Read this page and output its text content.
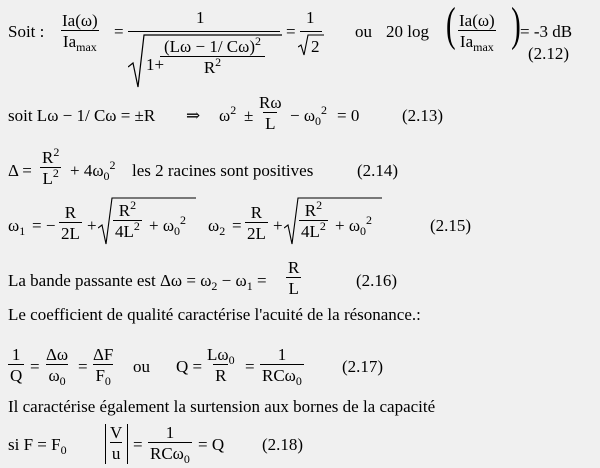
Soit :
Ia(ω)
$Ia_{max}$
=
1
1+
$\frac{(L\omega - 1/ C\omega)^2}{R^2}$
=
1
2
ou 20 log ( Ia(ω)
$Ia_{max}$ ( = -3 dB
(2.12)
soit Lω − 1/ Cω = ±R ⇒ $\omega^2 \pm \frac{R\omega}{L} - \omega_0^2 = 0$	(2.13)
$\Delta = \frac{R^2}{L^2} + 4\omega_0^2$ les 2 racines sont positives	(2.14)
$\omega_1$ = − $\frac{R}{2L} + \frac{R^2}{4L^2} + \omega_0^2$ $\omega_2 = \frac{R}{2L} + \frac{R^2}{4L^2} + \omega_0^2$	(2.15)
La bande passante est $\Delta\omega = \omega_2 - \omega_1 = \frac{R}{L}$	(2.16)
Le coefficient de qualité caractérise l'acuité de la résonance.:
$\frac{1}{Q} = \frac{\Delta\omega}{\omega_0} = \frac{\Delta F}{F_0}$ ou $Q = \frac{L\omega_0}{R}$ =
1
RCω$_0$
(2.17)
Il caractérise également la surtension aux bornes de la capacité
si $F = F_0 \frac{V}{u}$ =
1
RCω$_0$
= Q (2.18)
